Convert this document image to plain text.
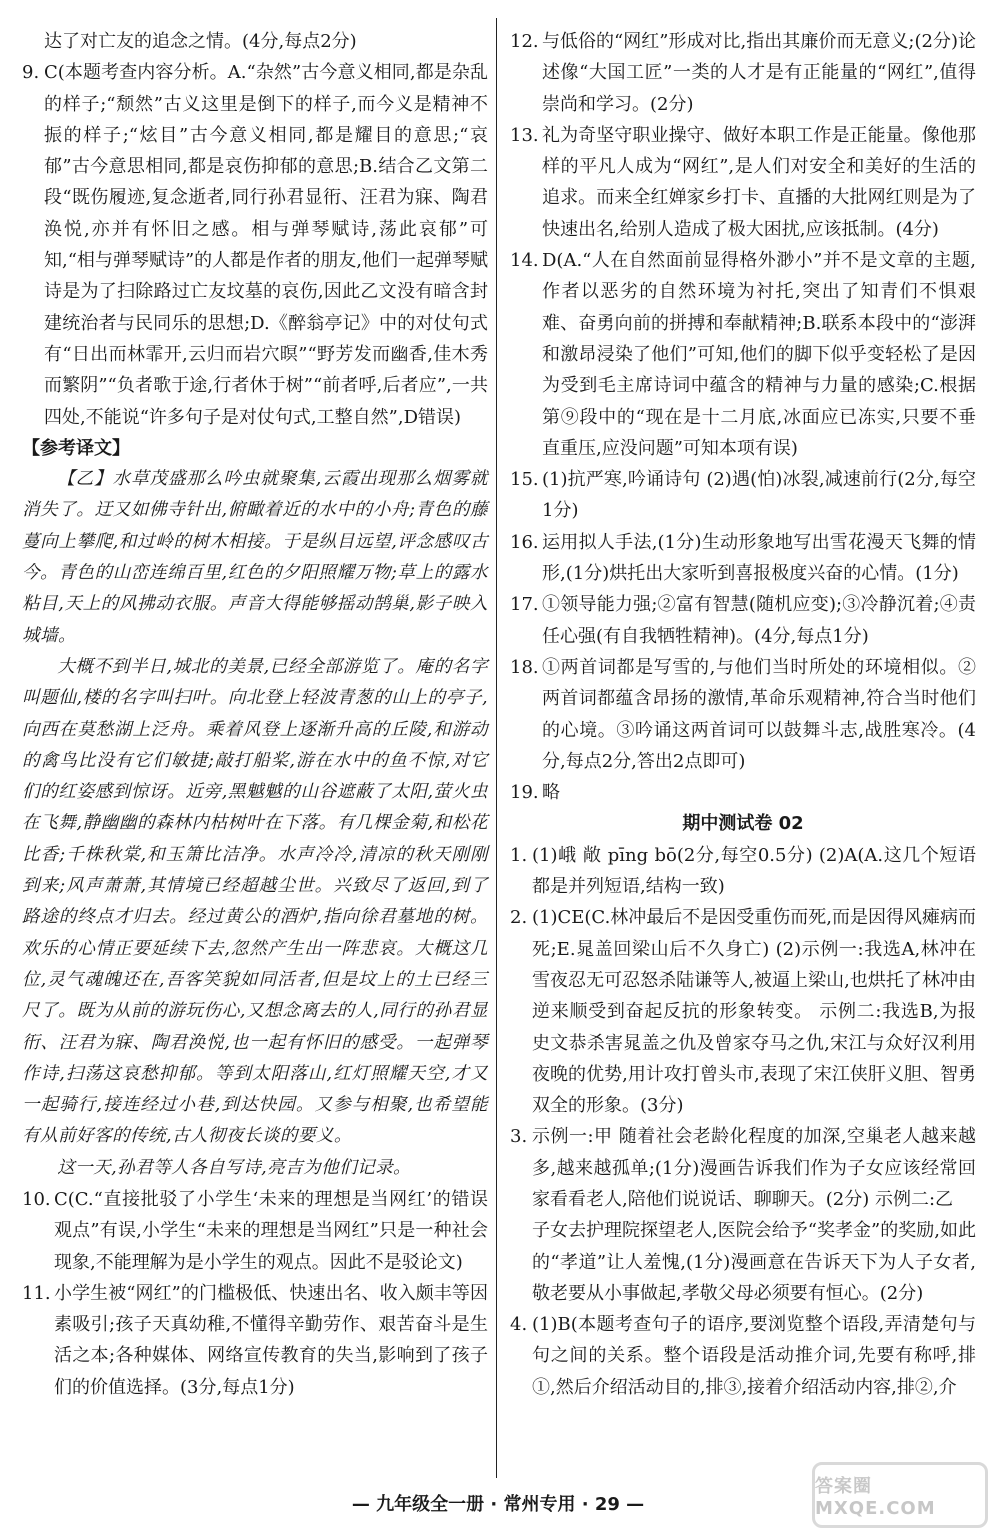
达了对亡友的追念之情。(4分,每点2分)
9. C(本题考查内容分析。A.“杂然”古今意义相同,都是杂乱的样子;“颓然”古义这里是倒下的样子,而今义是精神不振的样子;“炫目”古今意义相同,都是耀目的意思;“哀郁”古今意思相同,都是哀伤抑郁的意思;B.结合乙文第二段“既伤履迹,复念逝者,同行孙君显衎、汪君为寐、陶君涣悦,亦并有怀旧之感。相与弹琴赋诗,荡此哀郁”可知,“相与弹琴赋诗”的人都是作者的朋友,他们一起弹琴赋诗是为了扫除路过亡友坟墓的哀伤,因此乙文没有暗含封建统治者与民同乐的思想;D.《醉翁亭记》中的对仗句式有“日出而林霏开,云归而岩穴暝”“野芳发而幽香,佳木秀而繁阴”“负者歌于途,行者休于树”“前者呼,后者应”,一共四处,不能说“许多句子是对仗句式,工整自然”,D错误)
【参考译文】

【乙】水草茂盛那么吟虫就聚集,云霞出现那么烟雾就消失了。迂又如佛寺针出,俯瞰着近的水中的小舟;青色的藤蔓向上攀爬,和过岭的树木相接。于是纵目远望,评念感叹古今。青色的山峦连绵百里,红色的夕阳照耀万物;草上的露水粘目,天上的风拂动衣服。声音大得能够摇动鹄巢,影子映入城墙。

大概不到半日,城北的美景,已经全部游览了。庵的名字叫题仙,楼的名字叫扫叶。向北登上轻波青葱的山上的亭子,向西在莫愁湖上泛舟。乘着风登上逐渐升高的丘陵,和游动的禽鸟比没有它们敏捷;敲打船桨,游在水中的鱼不惊,对它们的红姿感到惊讶。近旁,黑魆魆的山谷遮蔽了太阳,萤火虫在飞舞,静幽幽的森林内枯树叶在下落。有几棵金菊,和松花比香;千株秋棠,和玉箫比洁净。水声冷冷,清凉的秋天刚刚到来;风声萧萧,其情境已经超越尘世。兴致尽了返回,到了路途的终点才归去。经过黄公的酒炉,指向徐君墓地的树。欢乐的心情正要延续下去,忽然产生出一阵悲哀。大概这几位,灵气魂魄还在,吾客笑貌如同活者,但是坟上的土已经三尺了。既为从前的游玩伤心,又想念离去的人,同行的孙君显衎、汪君为寐、陶君涣悦,也一起有怀旧的感受。一起弹琴作诗,扫荡这哀愁抑郁。等到太阳落山,红灯照耀天空,才又一起骑行,接连经过小巷,到达快园。又参与相聚,也希望能有从前好客的传统,古人彻夜长谈的要义。

这一天,孙君等人各自写诗,亮吉为他们记录。

10. C(C.“直接批驳了小学生‘未来的理想是当网红’的错误观点”有误,小学生“未来的理想是当网红”只是一种社会现象,不能理解为是小学生的观点。因此不是驳论文)
11. 小学生被“网红”的门槛极低、快速出名、收入颇丰等因素吸引;孩子天真幼稚,不懂得辛勤劳作、艰苦奋斗是生活之本;各种媒体、网络宣传教育的失当,影响到了孩子们的价值选择。(3分,每点1分)
12. 与低俗的“网红”形成对比,指出其廉价而无意义;(2分)论述像“大国工匠”一类的人才是有正能量的“网红”,值得崇尚和学习。(2分)
13. 礼为奇坚守职业操守、做好本职工作是正能量。像他那样的平凡人成为“网红”,是人们对安全和美好的生活的追求。而来全红婵家乡打卡、直播的大批网红则是为了快速出名,给别人造成了极大困扰,应该抵制。(4分)
14. D(A.“人在自然面前显得格外渺小”并不是文章的主题,作者以恶劣的自然环境为衬托,突出了知青们不惧艰难、奋勇向前的拼搏和奉献精神;B.联系本段中的“澎湃和激昂浸染了他们”可知,他们的脚下似乎变轻松了是因为受到毛主席诗词中蕴含的精神与力量的感染;C.根据第⑨段中的“现在是十二月底,冰面应已冻实,只要不垂直重压,应没问题”可知本项有误)
15. (1)抗严寒,吟诵诗句 (2)遇(怕)冰裂,减速前行(2分,每空1分)
16. 运用拟人手法,(1分)生动形象地写出雪花漫天飞舞的情形,(1分)烘托出大家听到喜报极度兴奋的心情。(1分)
17. ①领导能力强;②富有智慧(随机应变);③冷静沉着;④责任心强(有自我牺牲精神)。(4分,每点1分)
18. ①两首词都是写雪的,与他们当时所处的环境相似。②两首词都蕴含昂扬的激情,革命乐观精神,符合当时他们的心境。③吟诵这两首词可以鼓舞斗志,战胜寒冷。(4分,每点2分,答出2点即可)
19. 略
期中测试卷 02
1. (1)峨 敞 pīng bō(2分,每空0.5分) (2)A(A.这几个短语都是并列短语,结构一致)
2. (1)CE(C.林冲最后不是因受重伤而死,而是因得风瘫病而死;E.晁盖回梁山后不久身亡) (2)示例一:我选A,林冲在雪夜忍无可忍怒杀陆谦等人,被逼上梁山,也烘托了林冲由逆来顺受到奋起反抗的形象转变。 示例二:我选B,为报史文恭杀害晁盖之仇及曾家夺马之仇,宋江与众好汉利用夜晚的优势,用计攻打曾头市,表现了宋江侠肝义胆、智勇双全的形象。(3分)
3. 示例一:甲 随着社会老龄化程度的加深,空巢老人越来越多,越来越孤单;(1分)漫画告诉我们作为子女应该经常回家看看老人,陪他们说说话、聊聊天。(2分) 示例二:乙
子女去护理院探望老人,医院会给予“奖孝金”的奖励,如此的“孝道”让人羞愧,(1分)漫画意在告诉天下为人子女者,敬老要从小事做起,孝敬父母必须要有恒心。(2分)
4. (1)B(本题考查句子的语序,要浏览整个语段,弄清楚句与句之间的关系。整个语段是活动推介词,先要有称呼,排①,然后介绍活动目的,排③,接着介绍活动内容,排②,介
— 九年级全一册 · 常州专用 · 29 —
答案圈 MXQE.COM
